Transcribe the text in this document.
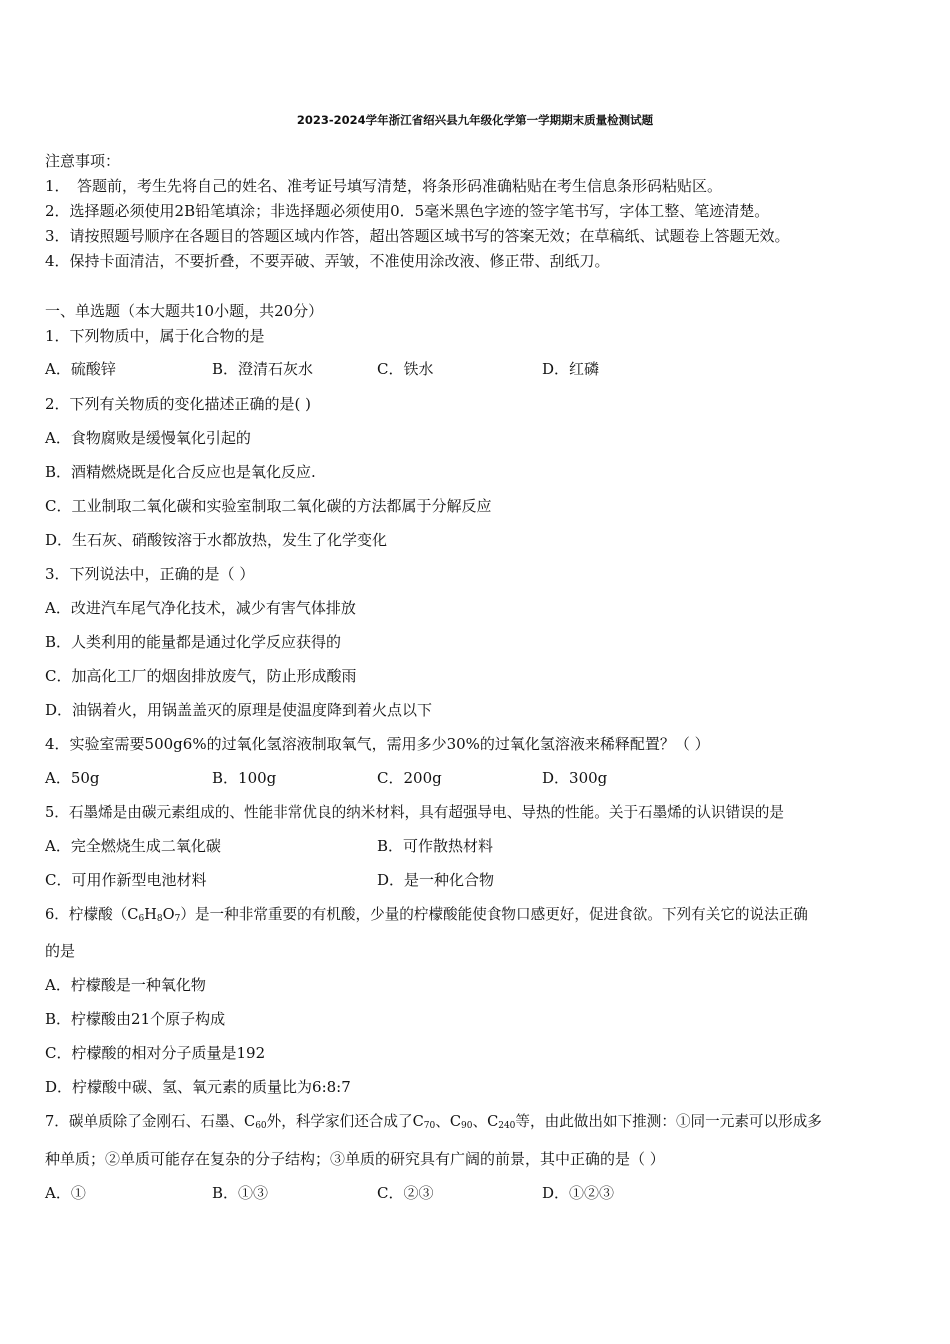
2023-2024学年浙江省绍兴县九年级化学第一学期期末质量检测试题
注意事项：
1．　答题前，考生先将自己的姓名、准考证号填写清楚，将条形码准确粘贴在考生信息条形码粘贴区。
2．选择题必须使用2B铅笔填涂；非选择题必须使用0．5毫米黑色字迹的签字笔书写，字体工整、笔迹清楚。
3．请按照题号顺序在各题目的答题区域内作答，超出答题区域书写的答案无效；在草稿纸、试题卷上答题无效。
4．保持卡面清洁，不要折叠，不要弄破、弄皱，不准使用涂改液、修正带、刮纸刀。
一、单选题（本大题共10小题，共20分）
1．下列物质中，属于化合物的是
A．硫酸锌	B．澄清石灰水	C．铁水	D．红磷
2．下列有关物质的变化描述正确的是( )
A．食物腐败是缓慢氧化引起的
B．酒精燃烧既是化合反应也是氧化反应.
C．工业制取二氧化碳和实验室制取二氧化碳的方法都属于分解反应
D．生石灰、硝酸铵溶于水都放热，发生了化学变化
3．下列说法中，正确的是（ ）
A．改进汽车尾气净化技术，减少有害气体排放
B．人类利用的能量都是通过化学反应获得的
C．加高化工厂的烟囱排放废气，防止形成酸雨
D．油锅着火，用锅盖盖灭的原理是使温度降到着火点以下
4．实验室需要500g6%的过氧化氢溶液制取氧气，需用多少30%的过氧化氢溶液来稀释配置？（ ）
A．50g	B．100g	C．200g	D．300g
5．石墨烯是由碳元素组成的、性能非常优良的纳米材料，具有超强导电、导热的性能。关于石墨烯的认识错误的是
A．完全燃烧生成二氧化碳	B．可作散热材料
C．可用作新型电池材料	D．是一种化合物
6．柠檬酸$(C_6H_8O_7)$是一种非常重要的有机酸，少量的柠檬酸能使食物口感更好，促进食欲。下列有关它的说法正确
的是
A．柠檬酸是一种氧化物
B．柠檬酸由21个原子构成
C．柠檬酸的相对分子质量是192
D．柠檬酸中碳、氢、氧元素的质量比为6:8:7
7．碳单质除了金刚石、石墨、$C_{60}$外，科学家们还合成了$C_{70}$、$C_{90}$、$C_{240}$等，由此做出如下推测：①同一元素可以形成多
种单质；②单质可能存在复杂的分子结构；③单质的研究具有广阔的前景，其中正确的是（ ）
A．①	B．①③	C．②③	D．①②③
